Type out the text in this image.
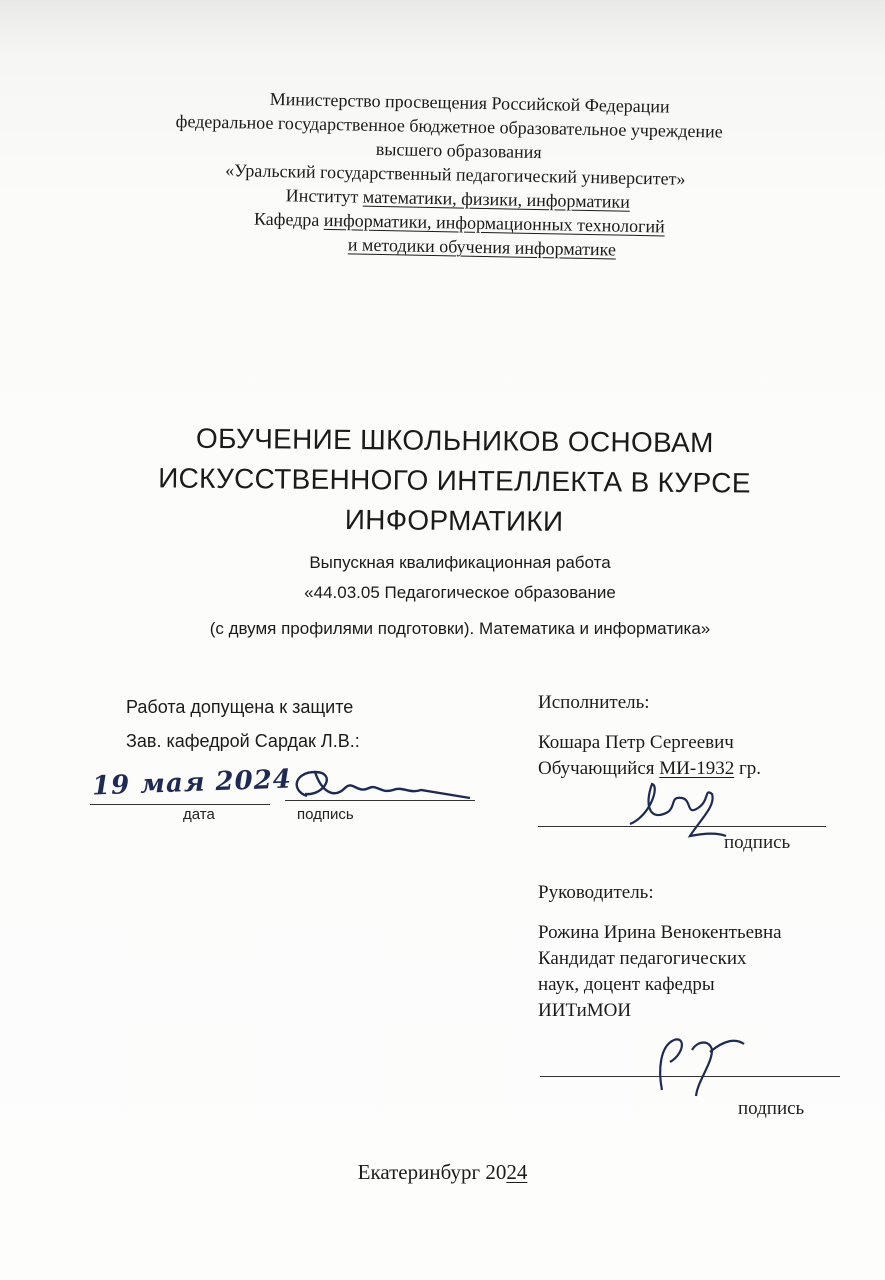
Министерство просвещения Российской Федерации
федеральное государственное бюджетное образовательное учреждение
высшего образования
«Уральский государственный педагогический университет»
Институт математики, физики, информатики
Кафедра информатики, информационных технологий
и методики обучения информатике
ОБУЧЕНИЕ ШКОЛЬНИКОВ ОСНОВАМ
ИСКУССТВЕННОГО ИНТЕЛЛЕКТА В КУРСЕ
ИНФОРМАТИКИ
Выпускная квалификационная работа
«44.03.05 Педагогическое образование
(с двумя профилями подготовки). Математика и информатика»
Работа допущена к защите
Зав. кафедрой Сардак Л.В.:
19 мая 2024
дата	подпись
Исполнитель:
Кошара Петр Сергеевич
Обучающийся МИ-1932 гр.
подпись
Руководитель:
Рожина Ирина Венокентьевна
Кандидат педагогических
наук, доцент кафедры
ИИТиМОИ
подпись
Екатеринбург 2024
